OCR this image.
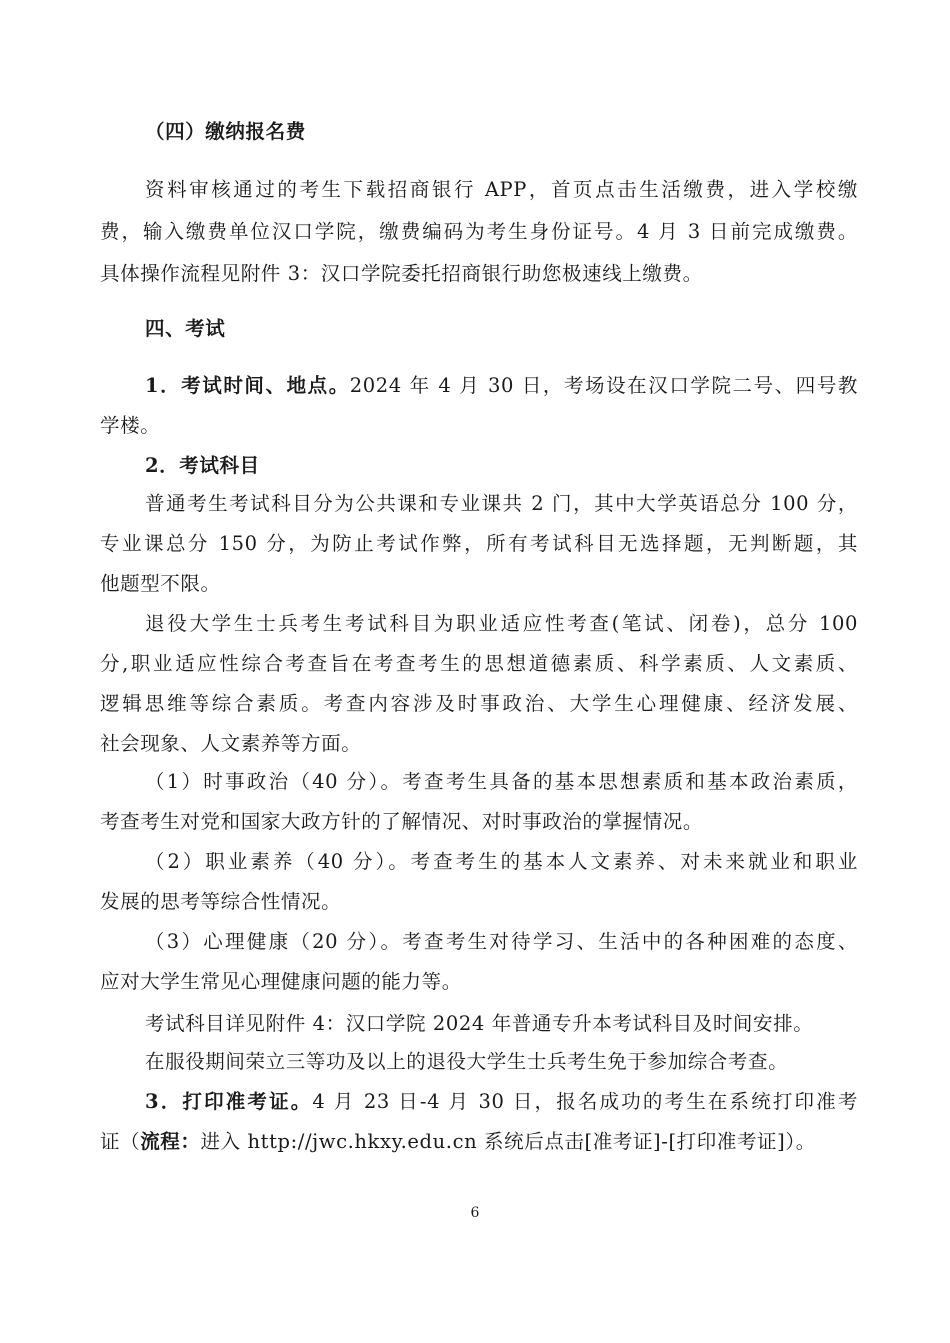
（四）缴纳报名费
资料审核通过的考生下载招商银行 APP，首页点击生活缴费，进入学校缴
费，输入缴费单位汉口学院，缴费编码为考生身份证号。4 月 3 日前完成缴费。
具体操作流程见附件 3：汉口学院委托招商银行助您极速线上缴费。
四、考试
1．考试时间、地点。2024 年 4 月 30 日，考场设在汉口学院二号、四号教
学楼。
2．考试科目
普通考生考试科目分为公共课和专业课共 2 门，其中大学英语总分 100 分，
专业课总分 150 分，为防止考试作弊，所有考试科目无选择题，无判断题，其
他题型不限。
退役大学生士兵考生考试科目为职业适应性考查(笔试、闭卷)，总分 100
分,职业适应性综合考查旨在考查考生的思想道德素质、科学素质、人文素质、
逻辑思维等综合素质。考查内容涉及时事政治、大学生心理健康、经济发展、
社会现象、人文素养等方面。
（1）时事政治（40 分）。考查考生具备的基本思想素质和基本政治素质，
考查考生对党和国家大政方针的了解情况、对时事政治的掌握情况。
（2）职业素养（40 分）。考查考生的基本人文素养、对未来就业和职业
发展的思考等综合性情况。
（3）心理健康（20 分）。考查考生对待学习、生活中的各种困难的态度、
应对大学生常见心理健康问题的能力等。
考试科目详见附件 4：汉口学院 2024 年普通专升本考试科目及时间安排。
在服役期间荣立三等功及以上的退役大学生士兵考生免于参加综合考查。
3．打印准考证。4 月 23 日-4 月 30 日，报名成功的考生在系统打印准考
证（流程：进入 http://jwc.hkxy.edu.cn 系统后点击[准考证]-[打印准考证]）。
6
